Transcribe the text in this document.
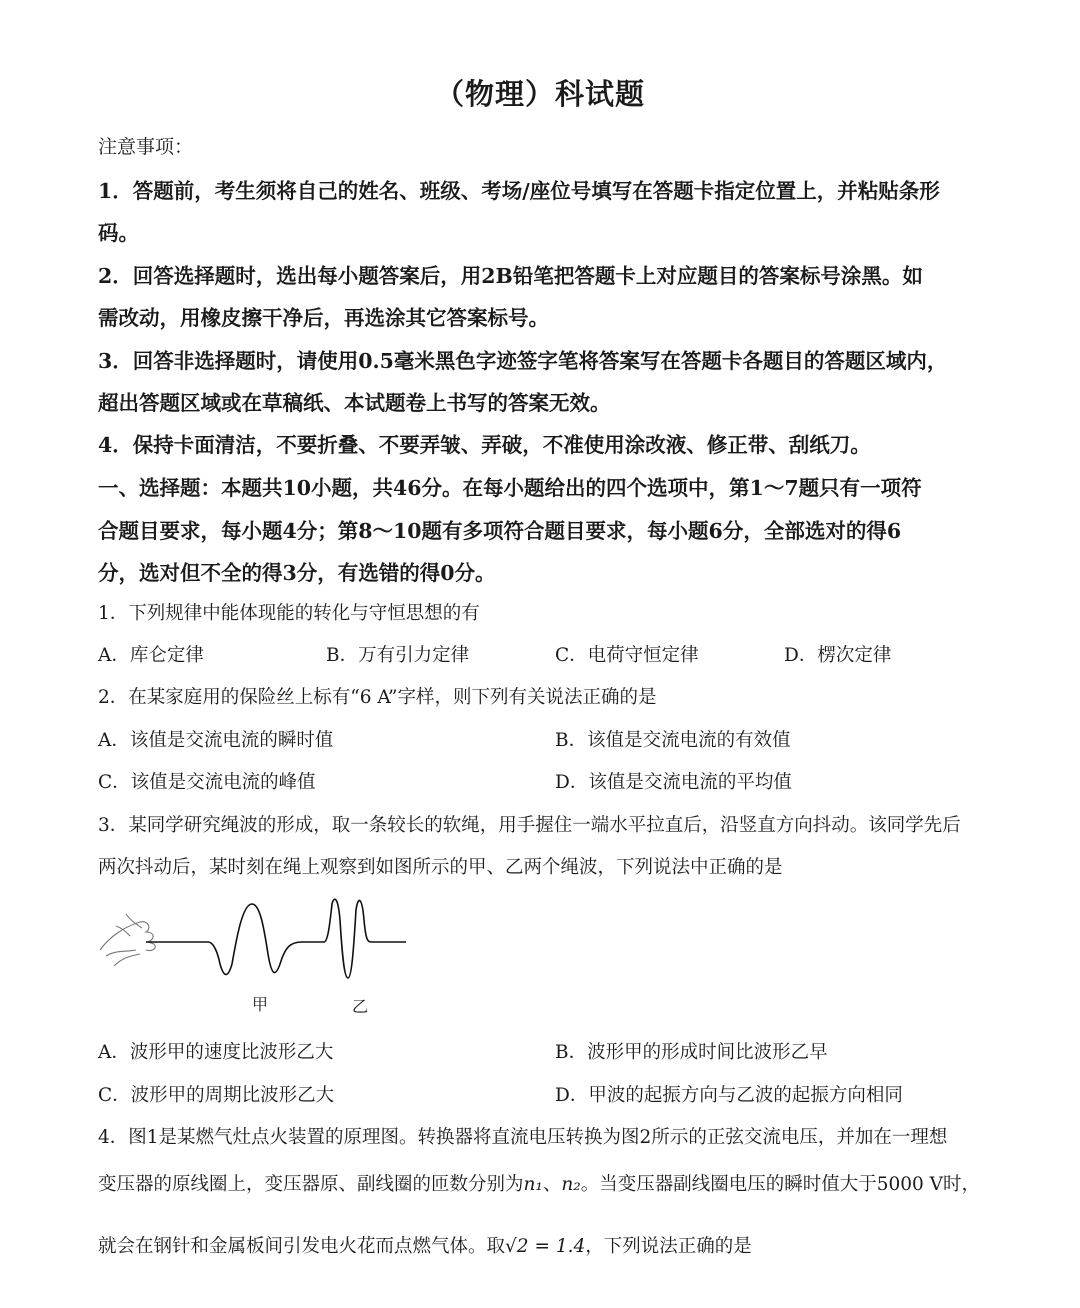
（物理）科试题
注意事项：
1．答题前，考生须将自己的姓名、班级、考场/座位号填写在答题卡指定位置上，并粘贴条形
码。
2．回答选择题时，选出每小题答案后，用2B铅笔把答题卡上对应题目的答案标号涂黑。如
需改动，用橡皮擦干净后，再选涂其它答案标号。
3．回答非选择题时，请使用0.5毫米黑色字迹签字笔将答案写在答题卡各题目的答题区域内，
超出答题区域或在草稿纸、本试题卷上书写的答案无效。
4．保持卡面清洁，不要折叠、不要弄皱、弄破，不准使用涂改液、修正带、刮纸刀。
一、选择题：本题共10小题，共46分。在每小题给出的四个选项中，第1～7题只有一项符
合题目要求，每小题4分；第8～10题有多项符合题目要求，每小题6分，全部选对的得6
分，选对但不全的得3分，有选错的得0分。
1．下列规律中能体现能的转化与守恒思想的有
A．库仑定律	B．万有引力定律	C．电荷守恒定律	D．楞次定律
2．在某家庭用的保险丝上标有“6 A”字样，则下列有关说法正确的是
A．该值是交流电流的瞬时值	B．该值是交流电流的有效值
C．该值是交流电流的峰值	D．该值是交流电流的平均值
3．某同学研究绳波的形成，取一条较长的软绳，用手握住一端水平拉直后，沿竖直方向抖动。该同学先后
两次抖动后，某时刻在绳上观察到如图所示的甲、乙两个绳波，下列说法中正确的是
甲	乙
A．波形甲的速度比波形乙大	B．波形甲的形成时间比波形乙早
C．波形甲的周期比波形乙大	D．甲波的起振方向与乙波的起振方向相同
4．图1是某燃气灶点火装置的原理图。转换器将直流电压转换为图2所示的正弦交流电压，并加在一理想
变压器的原线圈上，变压器原、副线圈的匝数分别为n₁、n₂。当变压器副线圈电压的瞬时值大于5000 V时，
就会在钢针和金属板间引发电火花而点燃气体。取√2 = 1.4，下列说法正确的是
